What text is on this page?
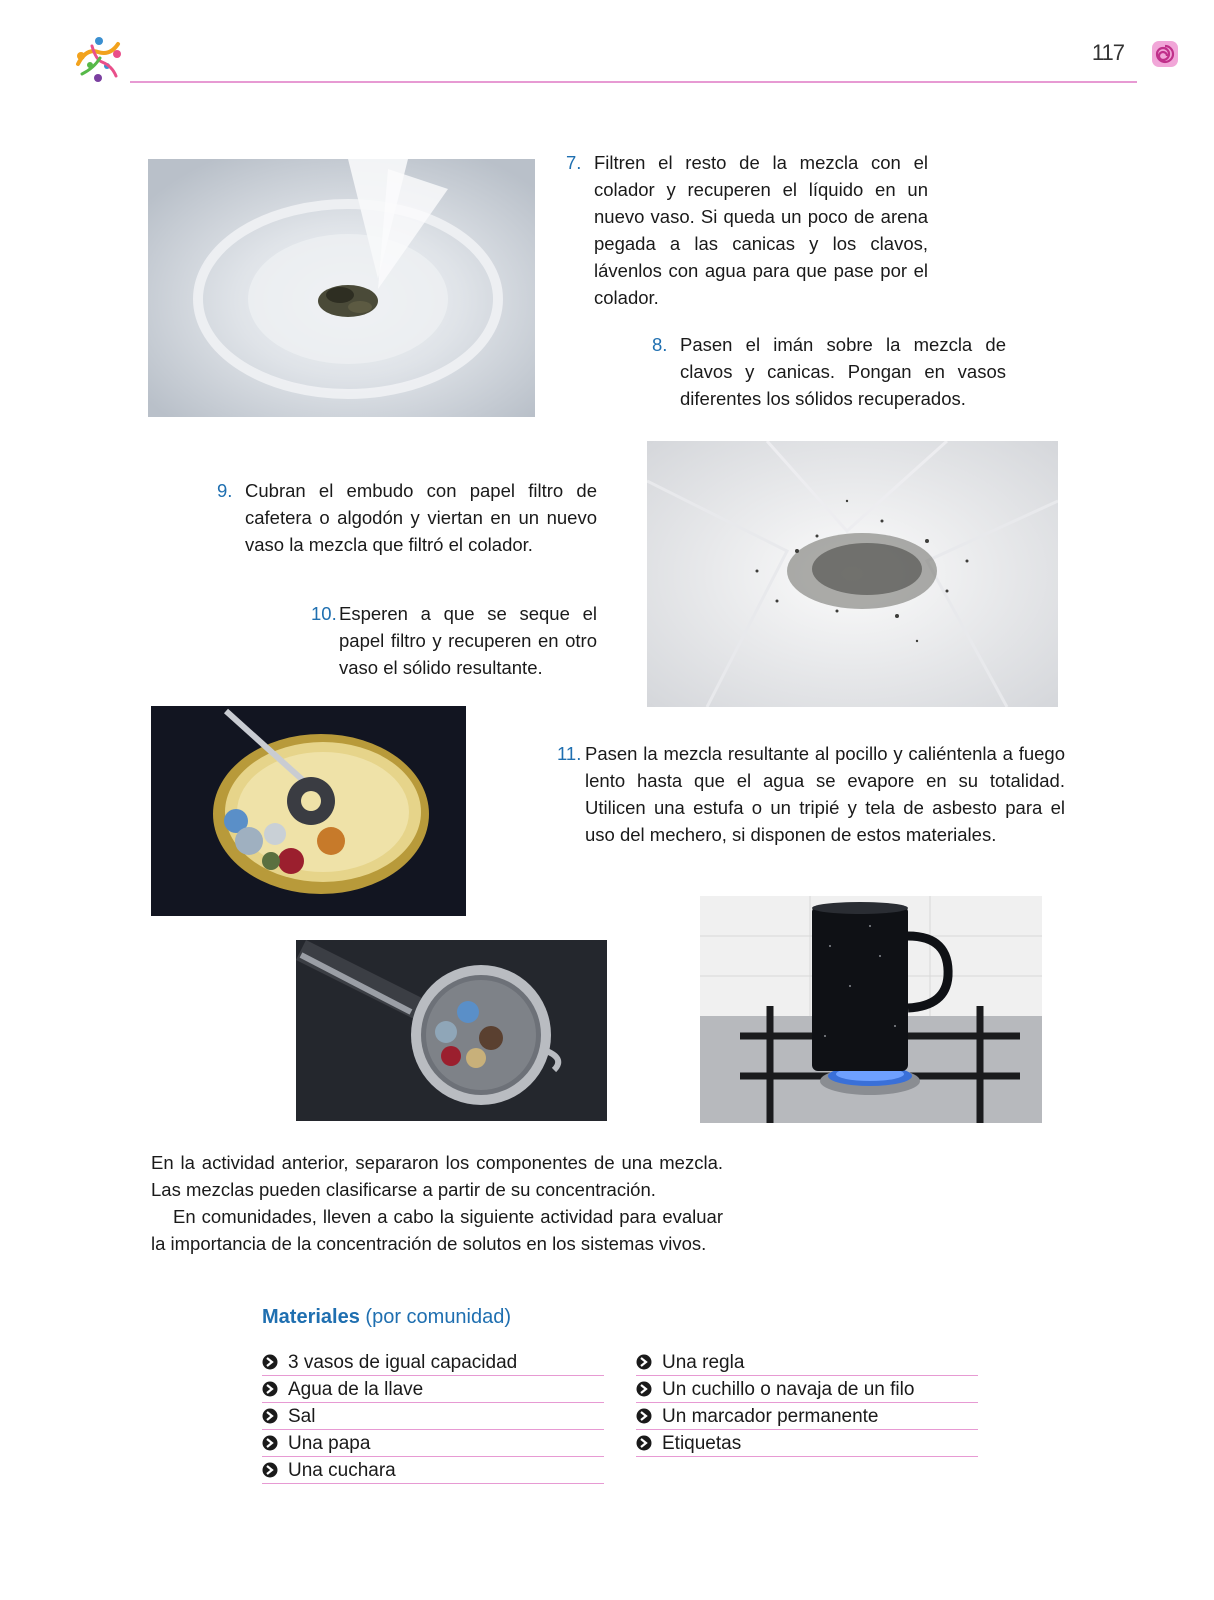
117
7. Filtren el resto de la mezcla con el colador y recuperen el líquido en un nuevo vaso. Si queda un poco de arena pegada a las canicas y los clavos, lávenlos con agua para que pase por el colador.
8. Pasen el imán sobre la mezcla de clavos y canicas. Pongan en vasos diferentes los sólidos recuperados.
9. Cubran el embudo con papel filtro de cafetera o algodón y viertan en un nuevo vaso la mezcla que filtró el colador.
10. Esperen a que se seque el papel filtro y recuperen en otro vaso el sólido resultante.
11. Pasen la mezcla resultante al pocillo y caliéntenla a fuego lento hasta que el agua se evapore en su totalidad. Utilicen una estufa o un tripié y tela de asbesto para el uso del mechero, si disponen de estos materiales.

En la actividad anterior, separaron los componentes de una mezcla. Las mezclas pueden clasificarse a partir de su concentración.

En comunidades, lleven a cabo la siguiente actividad para evaluar la importancia de la concentración de solutos en los sistemas vivos.

Materiales (por comunidad)
3 vasos de igual capacidad
Agua de la llave
Sal
Una papa
Una cuchara
Una regla
Un cuchillo o navaja de un filo
Un marcador permanente
Etiquetas
